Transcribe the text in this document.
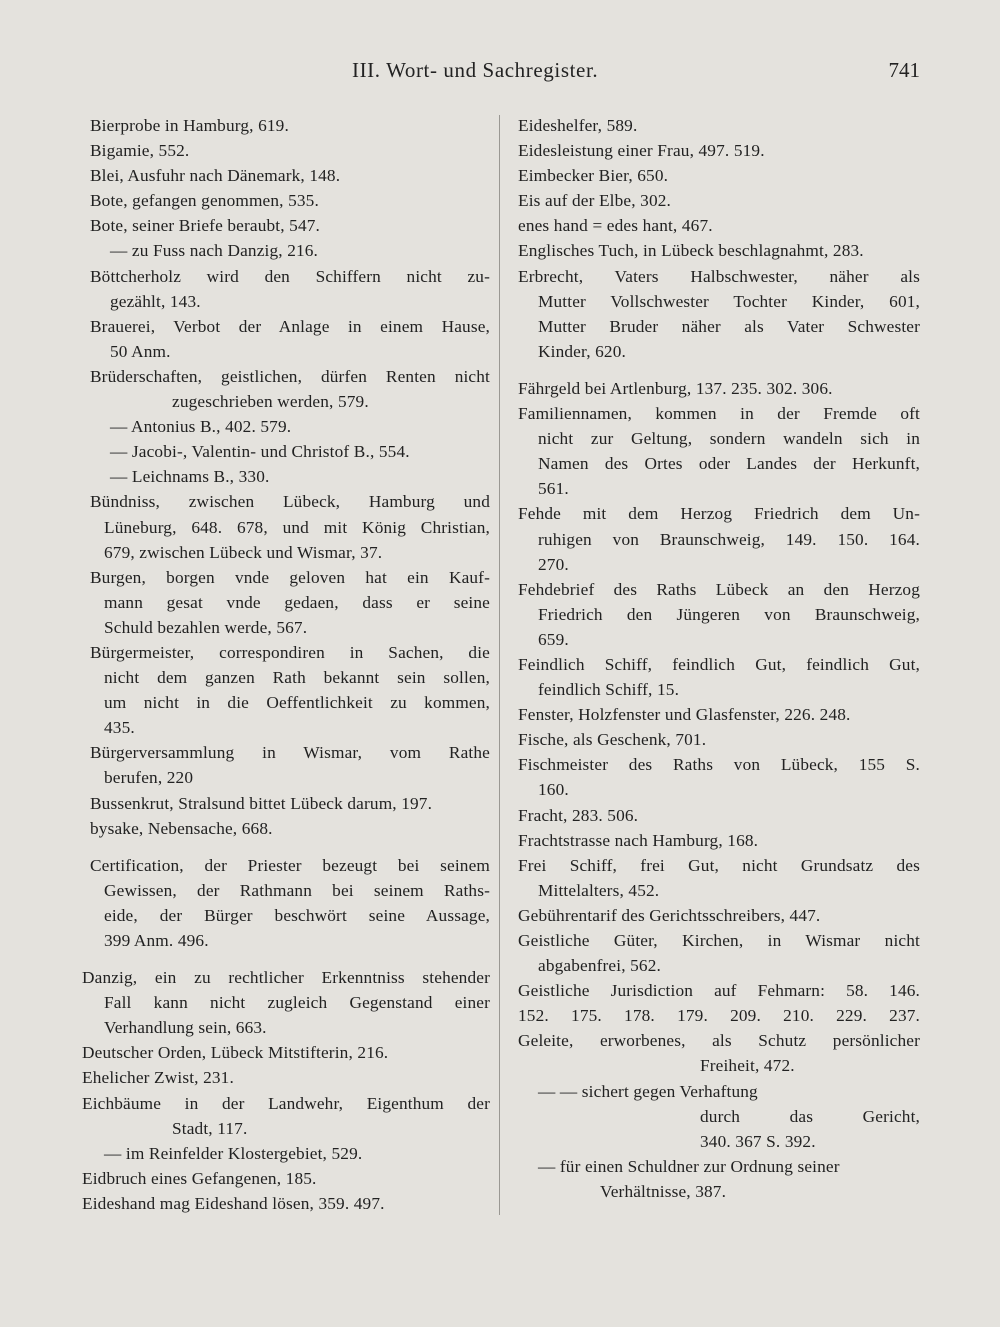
III. Wort- und Sachregister.	741
Bierprobe in Hamburg, 619.
Bigamie, 552.
Blei, Ausfuhr nach Dänemark, 148.
Bote, gefangen genommen, 535.
Bote, seiner Briefe beraubt, 547.
— zu Fuss nach Danzig, 216.
Böttcherholz wird den Schiffern nicht zu-
gezählt, 143.
Brauerei, Verbot der Anlage in einem Hause,
50 Anm.
Brüderschaften, geistlichen, dürfen Renten nicht
zugeschrieben werden, 579.
— Antonius B., 402. 579.
— Jacobi-, Valentin- und Christof B., 554.
— Leichnams B., 330.
Bündniss, zwischen Lübeck, Hamburg und
Lüneburg, 648. 678, und mit König Christian,
679, zwischen Lübeck und Wismar, 37.
Burgen, borgen vnde geloven hat ein Kauf-
mann gesat vnde gedaen, dass er seine
Schuld bezahlen werde, 567.
Bürgermeister, correspondiren in Sachen, die
nicht dem ganzen Rath bekannt sein sollen,
um nicht in die Oeffentlichkeit zu kommen,
435.
Bürgerversammlung in Wismar, vom Rathe
berufen, 220
Bussenkrut, Stralsund bittet Lübeck darum, 197.
bysake, Nebensache, 668.
Certification, der Priester bezeugt bei seinem
Gewissen, der Rathmann bei seinem Raths-
eide, der Bürger beschwört seine Aussage,
399 Anm. 496.
Danzig, ein zu rechtlicher Erkenntniss stehender
Fall kann nicht zugleich Gegenstand einer
Verhandlung sein, 663.
Deutscher Orden, Lübeck Mitstifterin, 216.
Ehelicher Zwist, 231.
Eichbäume in der Landwehr, Eigenthum der
Stadt, 117.
— im Reinfelder Klostergebiet, 529.
Eidbruch eines Gefangenen, 185.
Eideshand mag Eideshand lösen, 359. 497.
Eideshelfer, 589.
Eidesleistung einer Frau, 497. 519.
Eimbecker Bier, 650.
Eis auf der Elbe, 302.
enes hand = edes hant, 467.
Englisches Tuch, in Lübeck beschlagnahmt, 283.
Erbrecht, Vaters Halbschwester, näher als
Mutter Vollschwester Tochter Kinder, 601,
Mutter Bruder näher als Vater Schwester
Kinder, 620.
Fährgeld bei Artlenburg, 137. 235. 302. 306.
Familiennamen, kommen in der Fremde oft
nicht zur Geltung, sondern wandeln sich in
Namen des Ortes oder Landes der Herkunft,
561.
Fehde mit dem Herzog Friedrich dem Un-
ruhigen von Braunschweig, 149. 150. 164.
270.
Fehdebrief des Raths Lübeck an den Herzog
Friedrich den Jüngeren von Braunschweig,
659.
Feindlich Schiff, feindlich Gut, feindlich Gut,
feindlich Schiff, 15.
Fenster, Holzfenster und Glasfenster, 226. 248.
Fische, als Geschenk, 701.
Fischmeister des Raths von Lübeck, 155 S.
160.
Fracht, 283. 506.
Frachtstrasse nach Hamburg, 168.
Frei Schiff, frei Gut, nicht Grundsatz des
Mittelalters, 452.
Gebührentarif des Gerichtsschreibers, 447.
Geistliche Güter, Kirchen, in Wismar nicht
abgabenfrei, 562.
Geistliche Jurisdiction auf Fehmarn: 58. 146.
152. 175. 178. 179. 209. 210. 229. 237.
Geleite, erworbenes, als Schutz persönlicher
Freiheit, 472.
— — sichert gegen Verhaftung
durch das Gericht,
340. 367 S. 392.
— für einen Schuldner zur Ordnung seiner
Verhältnisse, 387.
